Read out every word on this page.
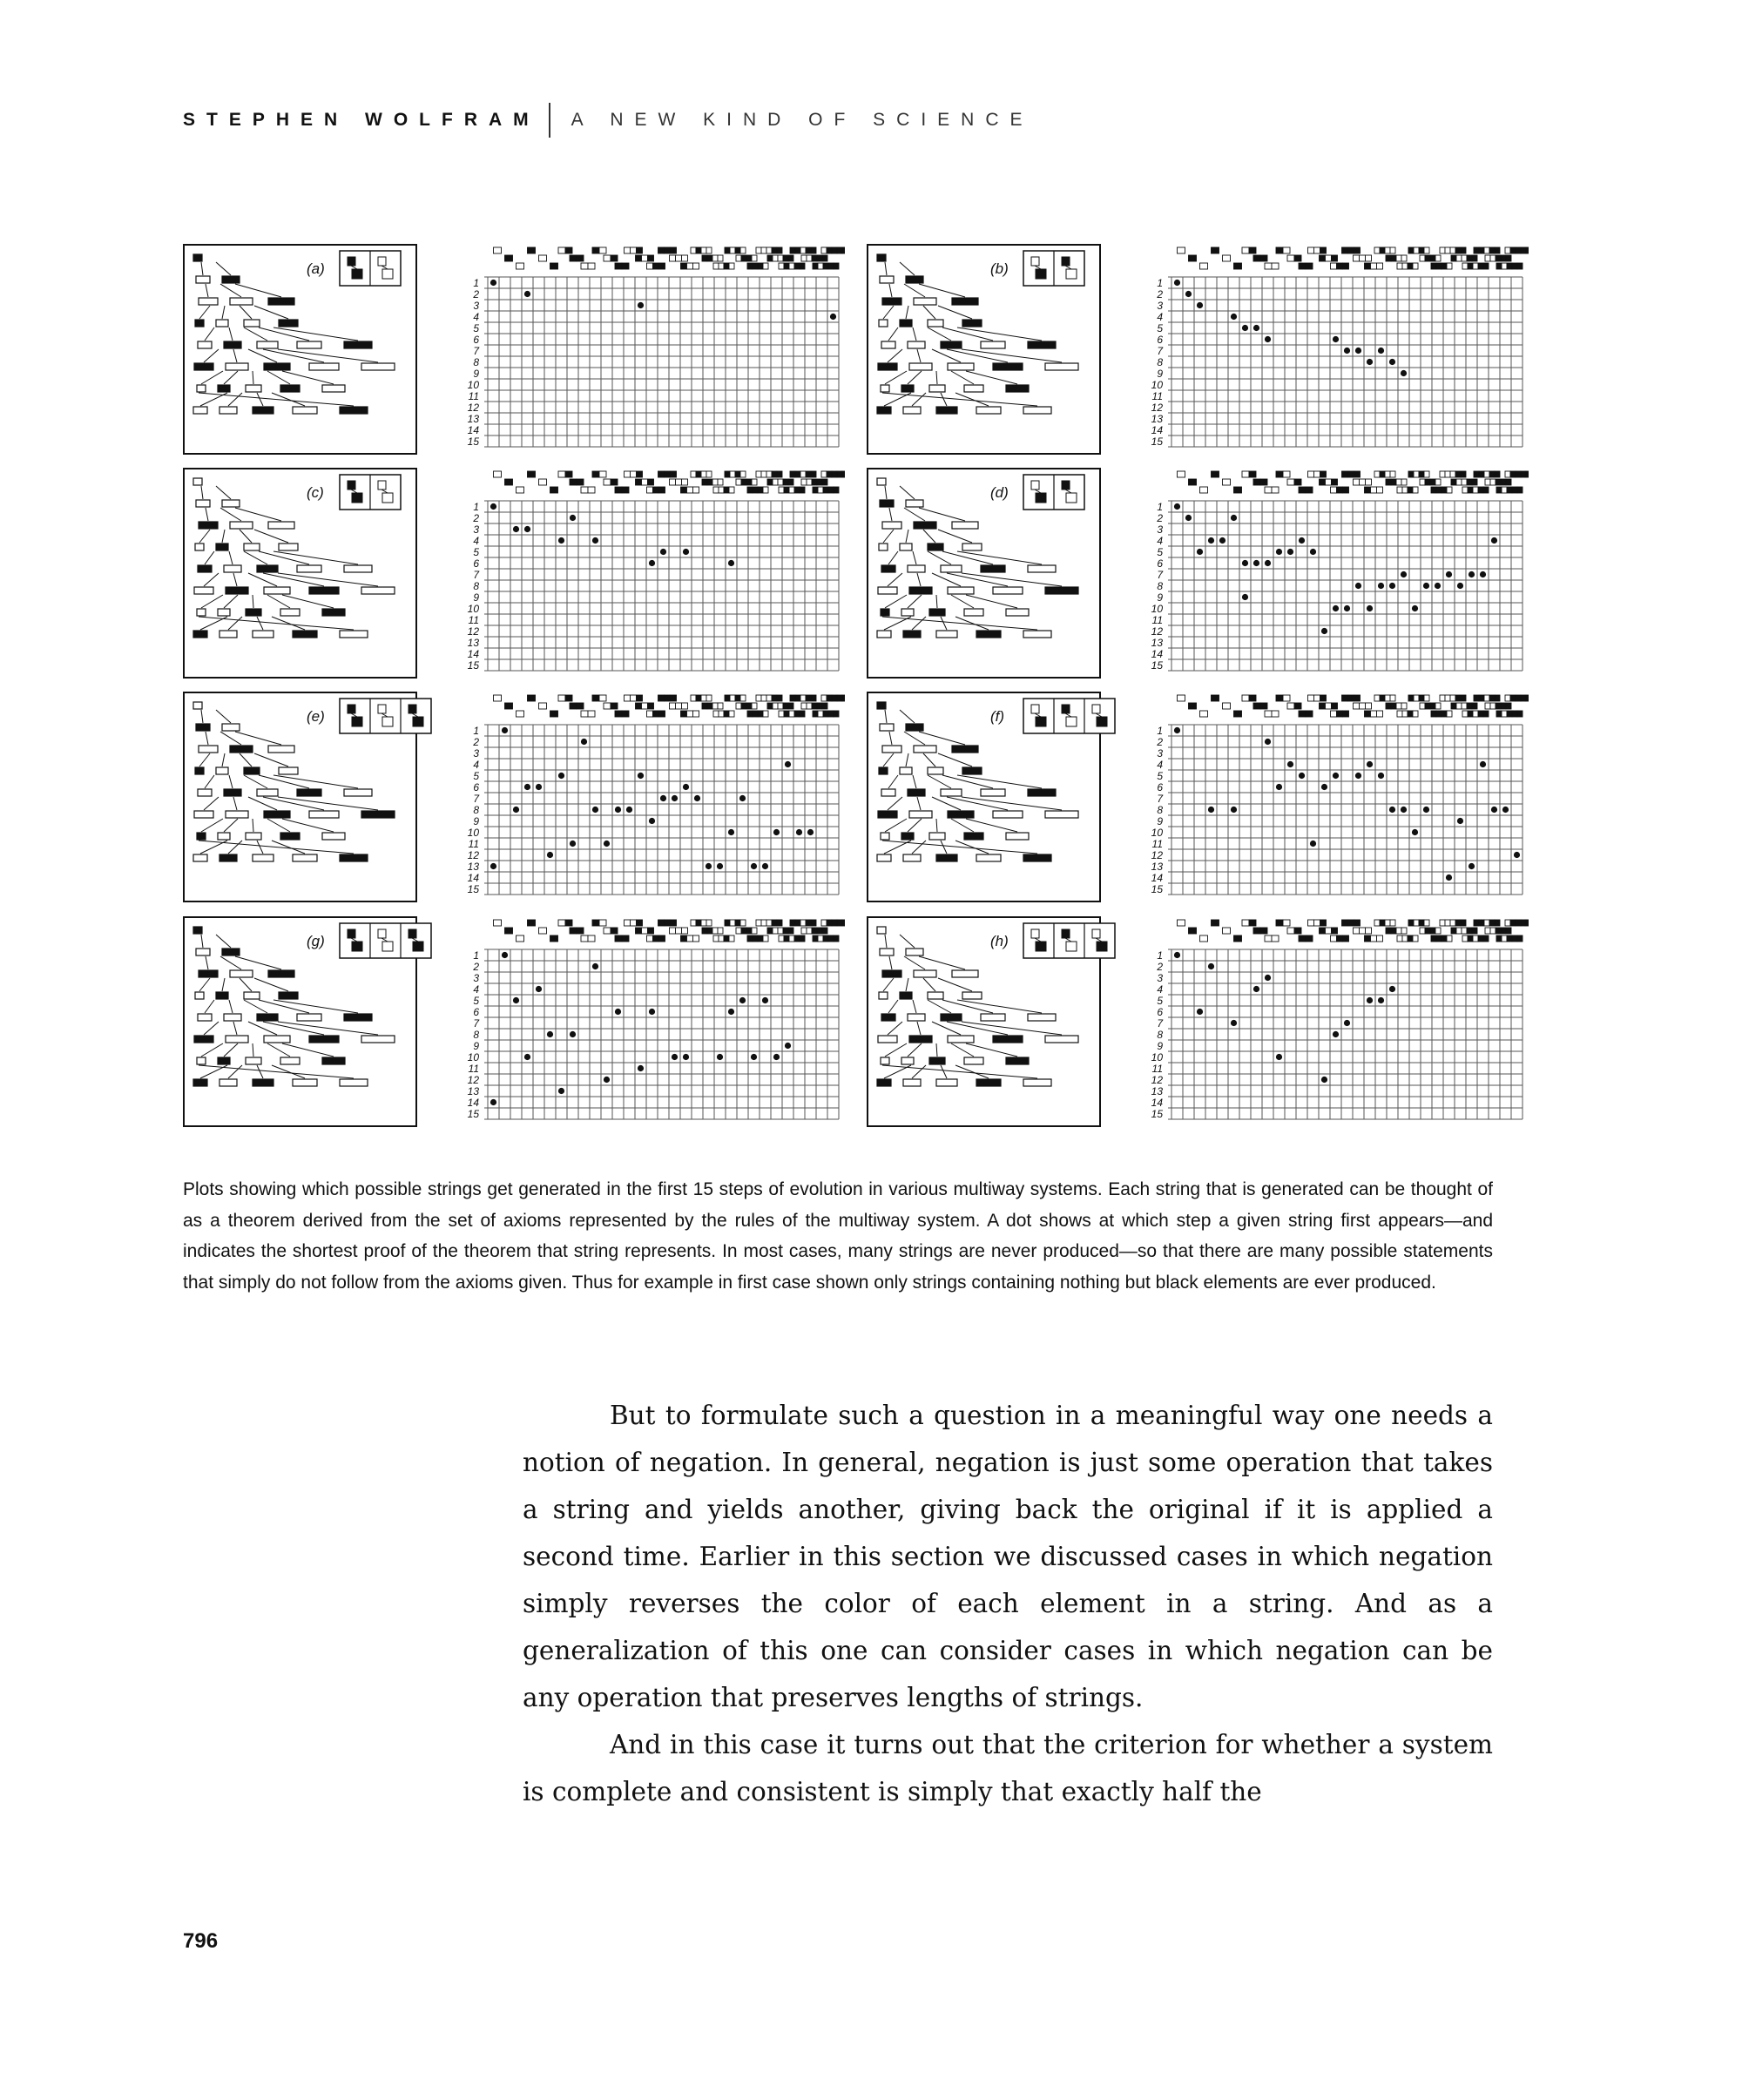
STEPHEN WOLFRAM A NEW KIND OF SCIENCE
(a)
1
2
3
4
5
6
7
8
9
10
11
12
13
14
15
(b)
1
2
3
4
5
6
7
8
9
10
11
12
13
14
15
(c)
1
2
3
4
5
6
7
8
9
10
11
12
13
14
15
(d)
1
2
3
4
5
6
7
8
9
10
11
12
13
14
15
(e)
1
2
3
4
5
6
7
8
9
10
11
12
13
14
15
(f)
1
2
3
4
5
6
7
8
9
10
11
12
13
14
15
(g)
1
2
3
4
5
6
7
8
9
10
11
12
13
14
15
(h)
1
2
3
4
5
6
7
8
9
10
11
12
13
14
15
Plots showing which possible strings get generated in the first 15 steps of evolution in various multiway systems. Each string that is generated can be thought of as a theorem derived from the set of axioms represented by the rules of the multiway system. A dot shows at which step a given string first appears—and indicates the shortest proof of the theorem that string represents. In most cases, many strings are never produced—so that there are many possible statements that simply do not follow from the axioms given. Thus for example in first case shown only strings containing nothing but black elements are ever produced.

But to formulate such a question in a meaningful way one needs a notion of negation. In general, negation is just some operation that takes a string and yields another, giving back the original if it is applied a second time. Earlier in this section we discussed cases in which negation simply reverses the color of each element in a string. And as a generalization of this one can consider cases in which negation can be any operation that preserves lengths of strings.

And in this case it turns out that the criterion for whether a system is complete and consistent is simply that exactly half the

796
